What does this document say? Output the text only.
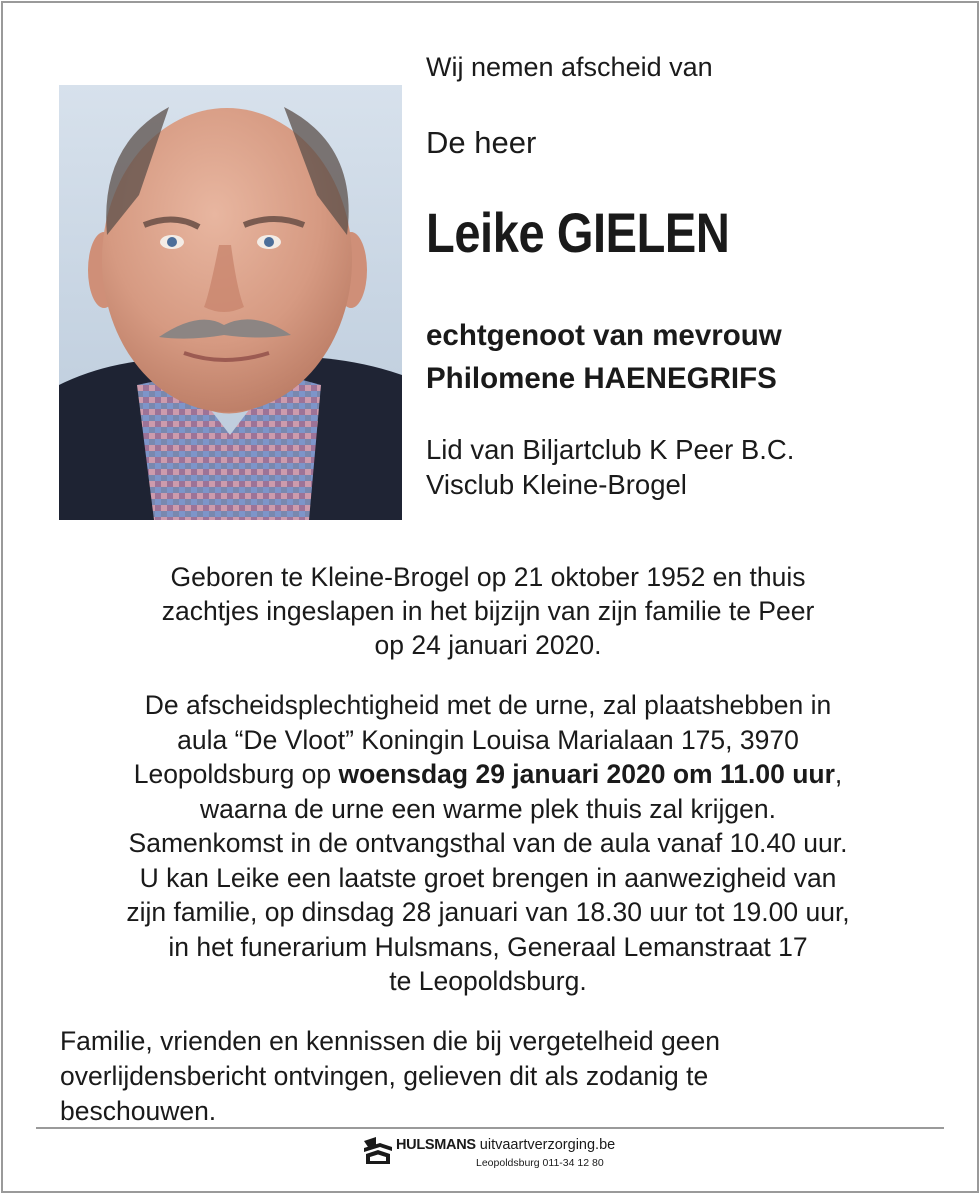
Wij nemen afscheid van

De heer

Leike GIELEN

echtgenoot van mevrouw
Philomene HAENEGRIFS
Lid van Biljartclub K Peer B.C.
Visclub Kleine-Brogel
Geboren te Kleine-Brogel op 21 oktober 1952 en thuis
zachtjes ingeslapen in het bijzijn van zijn familie te Peer
op 24 januari 2020.
De afscheidsplechtigheid met de urne, zal plaatshebben in
aula “De Vloot” Koningin Louisa Marialaan 175, 3970
Leopoldsburg op woensdag 29 januari 2020 om 11.00 uur,
waarna de urne een warme plek thuis zal krijgen.
Samenkomst in de ontvangsthal van de aula vanaf 10.40 uur.
U kan Leike een laatste groet brengen in aanwezigheid van
zijn familie, op dinsdag 28 januari van 18.30 uur tot 19.00 uur,
in het funerarium Hulsmans, Generaal Lemanstraat 17
te Leopoldsburg.
Familie, vrienden en kennissen die bij vergetelheid geen
overlijdensbericht ontvingen, gelieven dit als zodanig te
beschouwen.
HULSMANS uitvaartverzorging.be
Leopoldsburg 011-34 12 80
